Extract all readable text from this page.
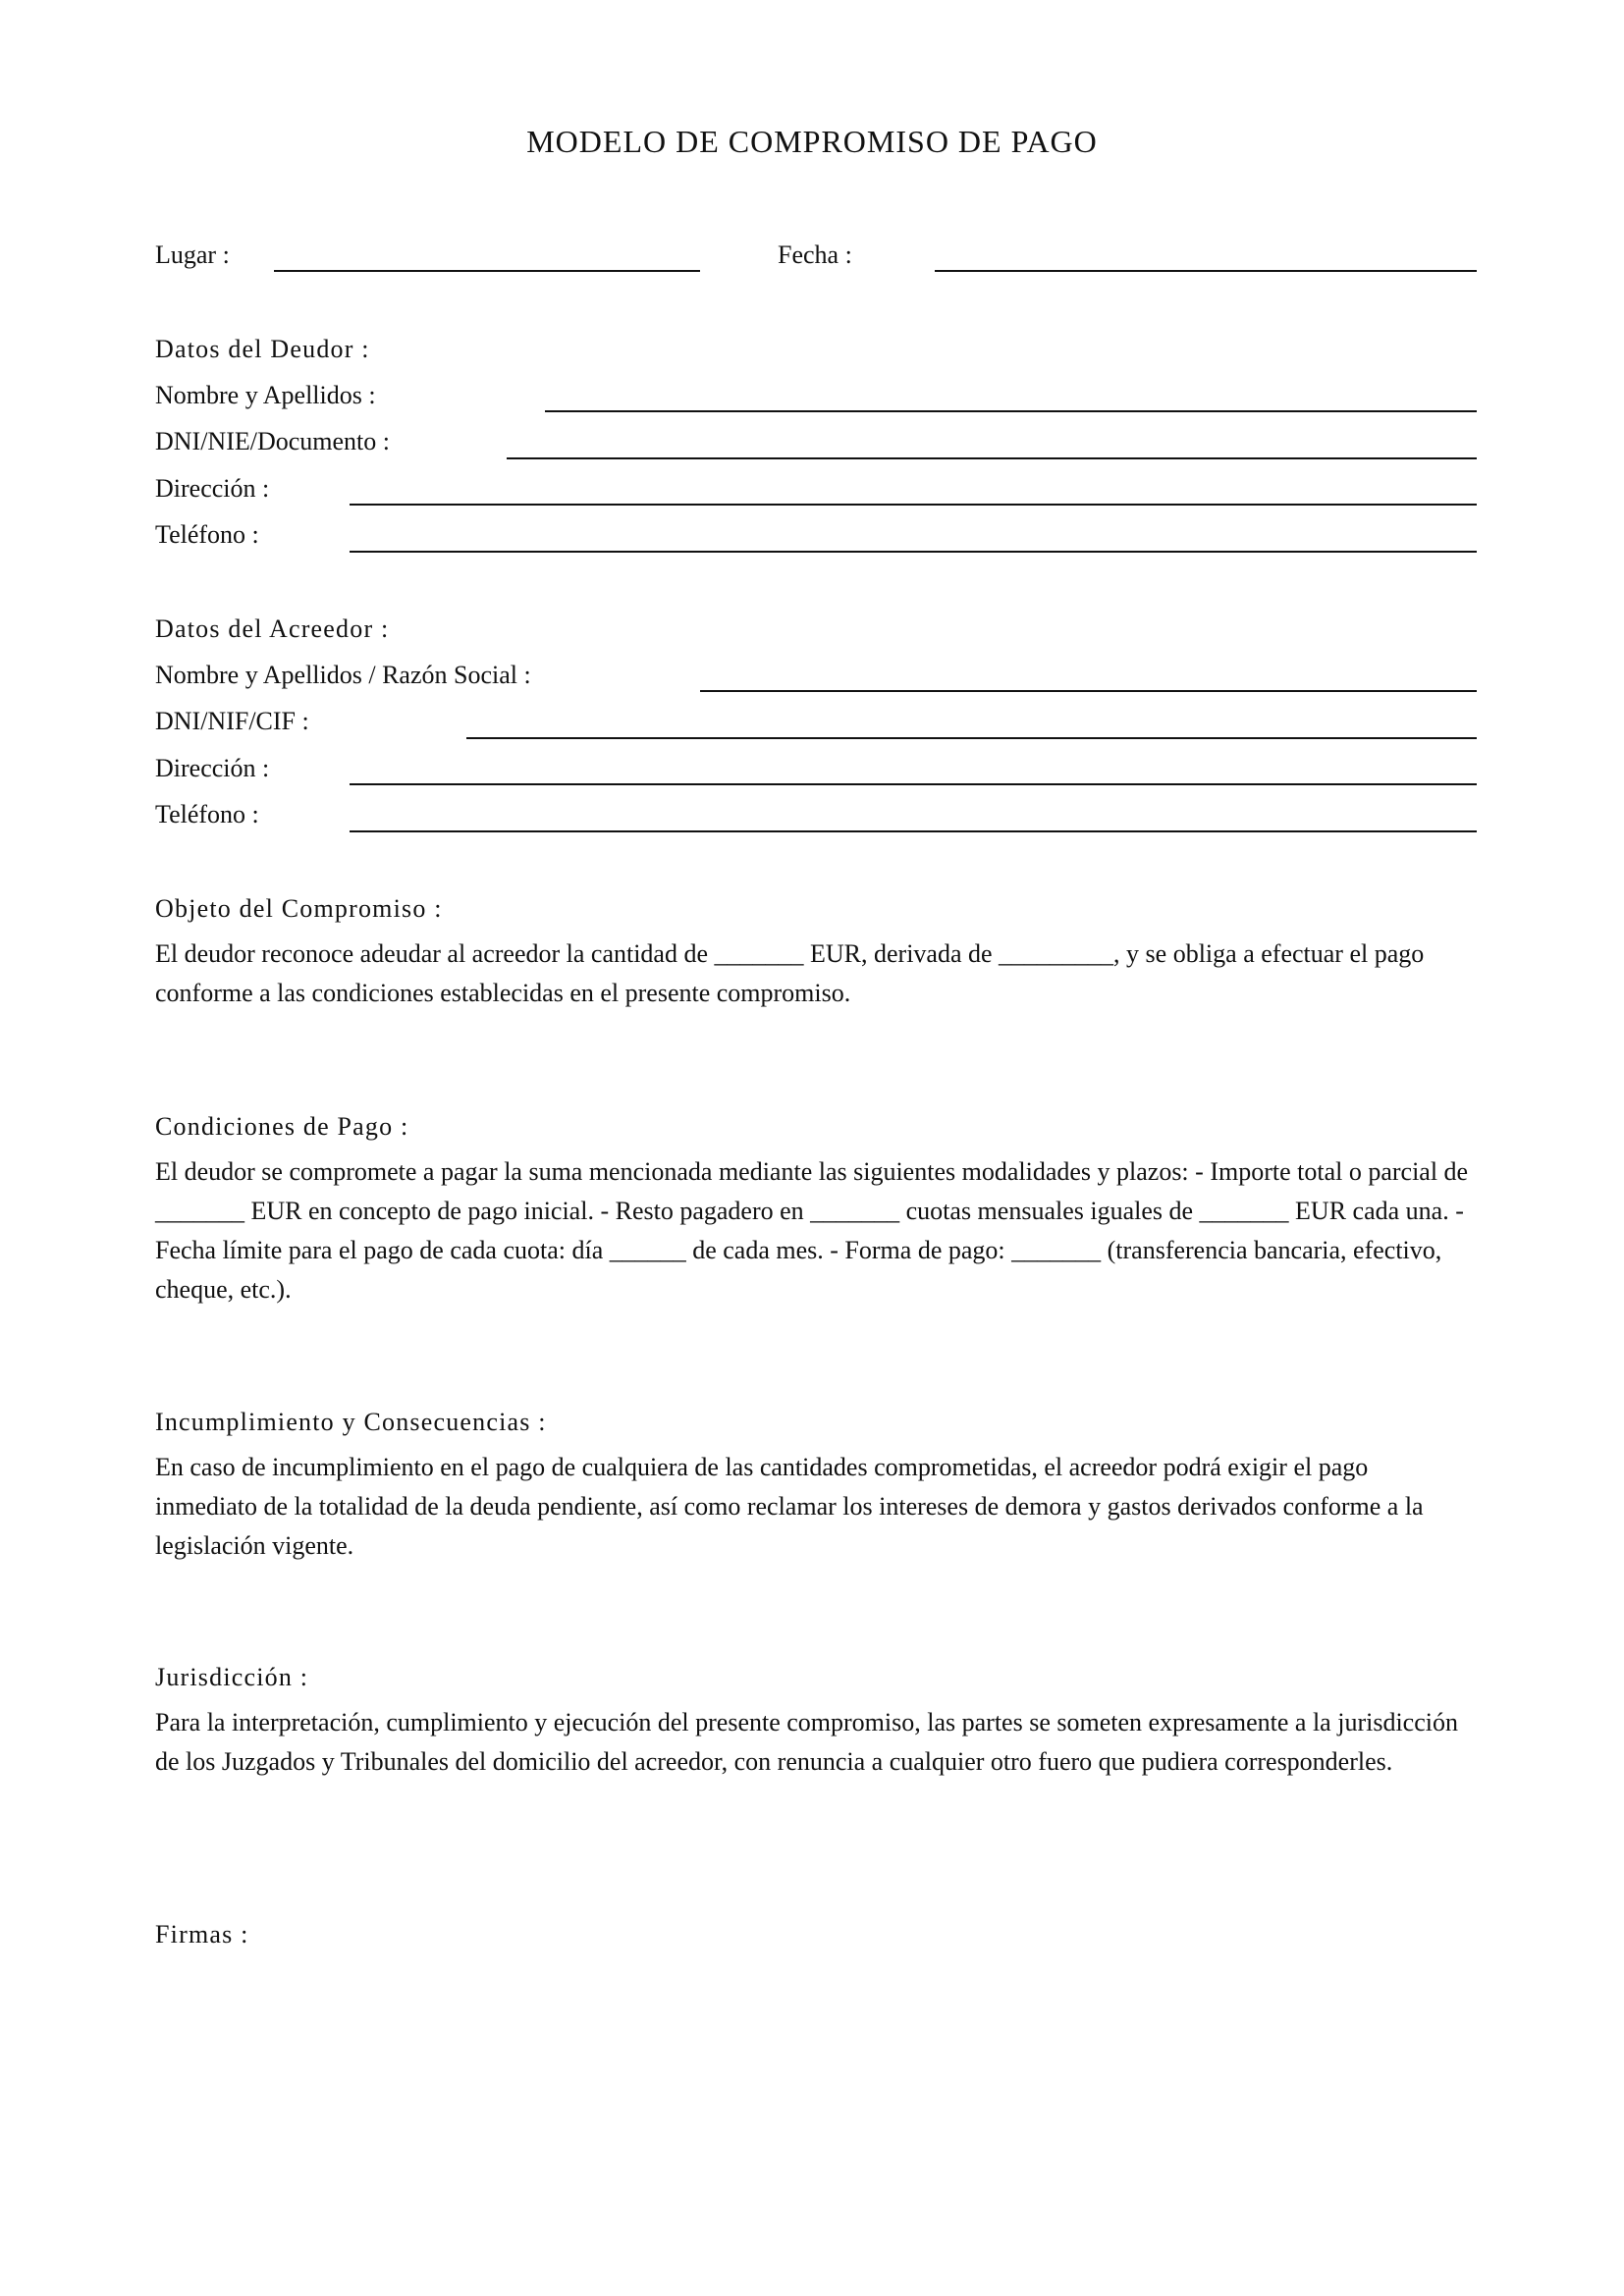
MODELO DE COMPROMISO DE PAGO
Lugar :	Fecha :
Datos del Deudor :
Nombre y Apellidos :
DNI/NIE/Documento :
Dirección :
Teléfono :
Datos del Acreedor :
Nombre y Apellidos / Razón Social :
DNI/NIF/CIF :
Dirección :
Teléfono :
Objeto del Compromiso :
El deudor reconoce adeudar al acreedor la cantidad de _______ EUR, derivada de _________, y se obliga a efectuar el pago conforme a las condiciones establecidas en el presente compromiso.
Condiciones de Pago :
El deudor se compromete a pagar la suma mencionada mediante las siguientes modalidades y plazos: - Importe total o parcial de _______ EUR en concepto de pago inicial. - Resto pagadero en _______ cuotas mensuales iguales de _______ EUR cada una. - Fecha límite para el pago de cada cuota: día ______ de cada mes. - Forma de pago: _______ (transferencia bancaria, efectivo, cheque, etc.).
Incumplimiento y Consecuencias :
En caso de incumplimiento en el pago de cualquiera de las cantidades comprometidas, el acreedor podrá exigir el pago inmediato de la totalidad de la deuda pendiente, así como reclamar los intereses de demora y gastos derivados conforme a la legislación vigente.
Jurisdicción :
Para la interpretación, cumplimiento y ejecución del presente compromiso, las partes se someten expresamente a la jurisdicción de los Juzgados y Tribunales del domicilio del acreedor, con renuncia a cualquier otro fuero que pudiera corresponderles.
Firmas :
